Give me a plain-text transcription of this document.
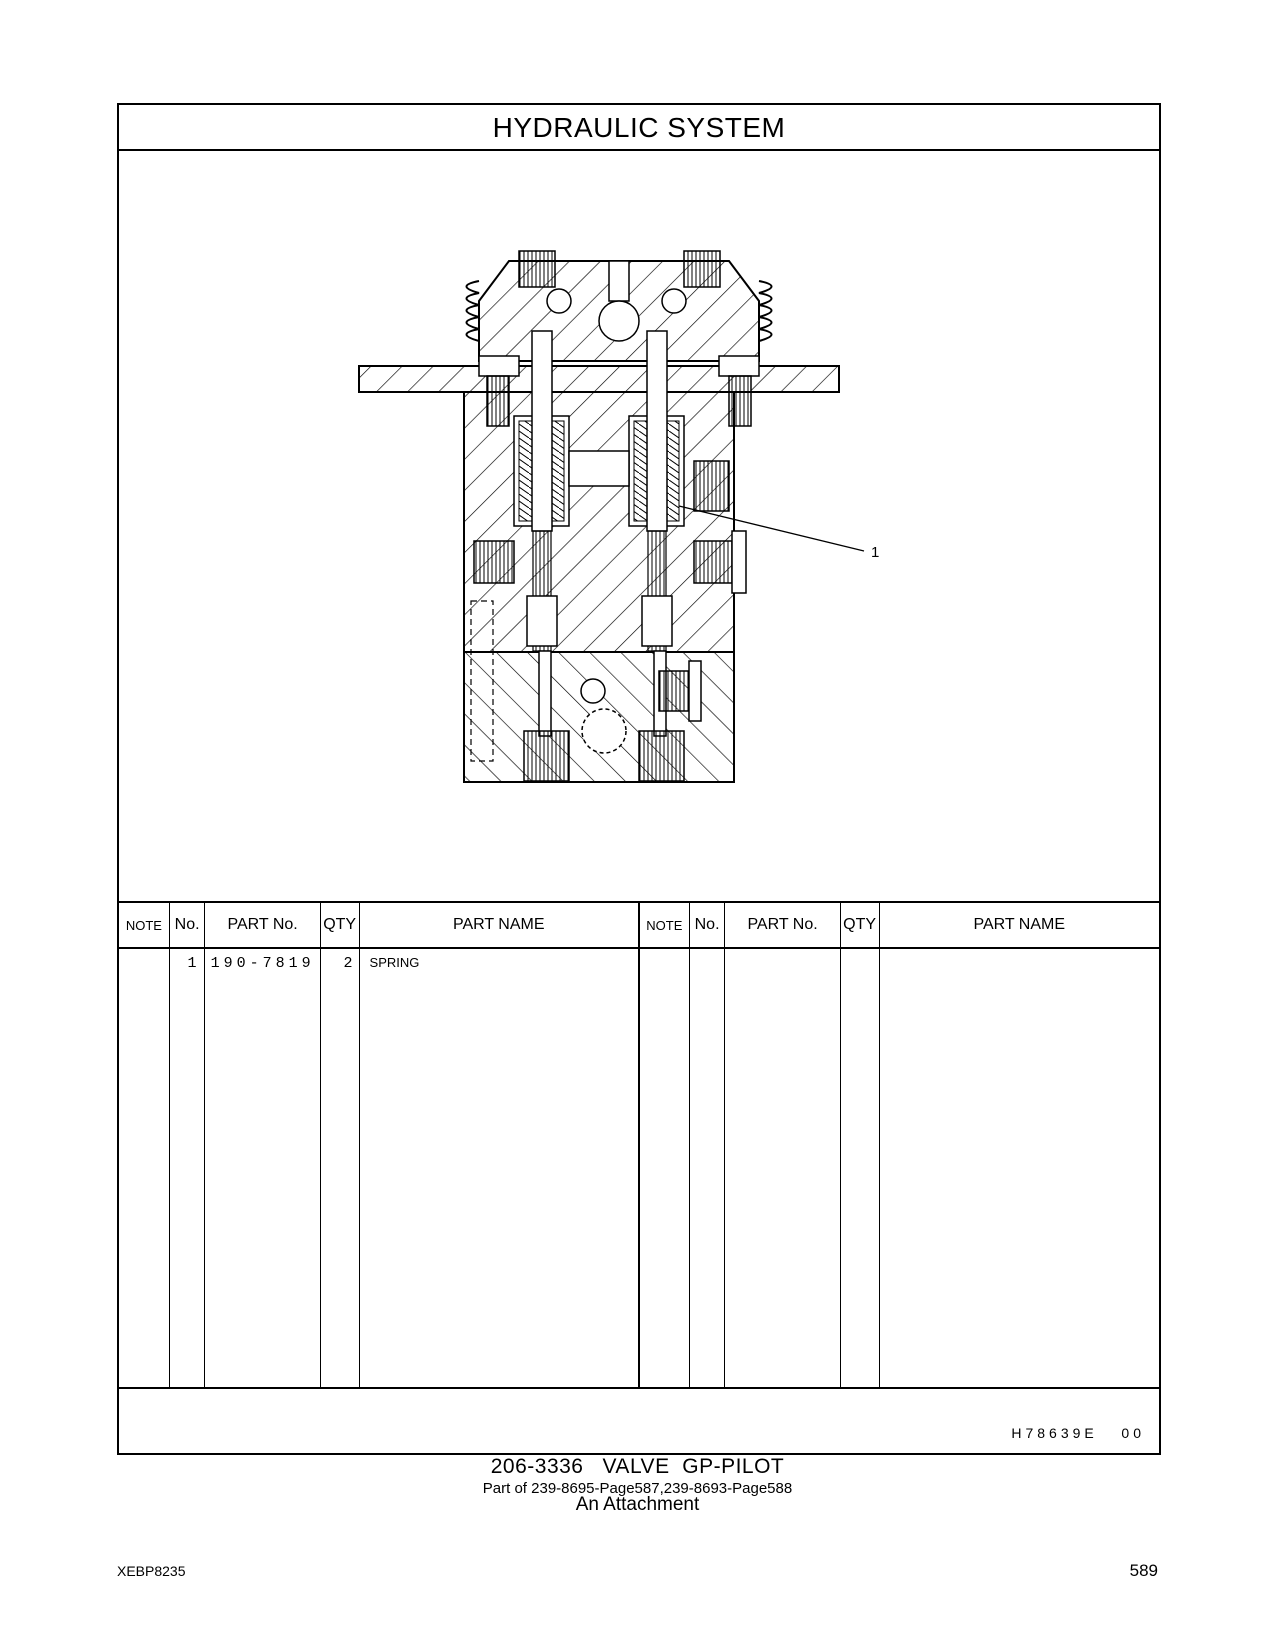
HYDRAULIC SYSTEM
1
NOTE	No.	PART No.	QTY	PART NAME	NOTE	No.	PART No.	QTY	PART NAME
	1	190-7819	2	SPRING					
H78639E   00
206-3336   VALVE  GP-PILOT
Part of 239-8695-Page587,239-8693-Page588
An Attachment
XEBP8235	589
